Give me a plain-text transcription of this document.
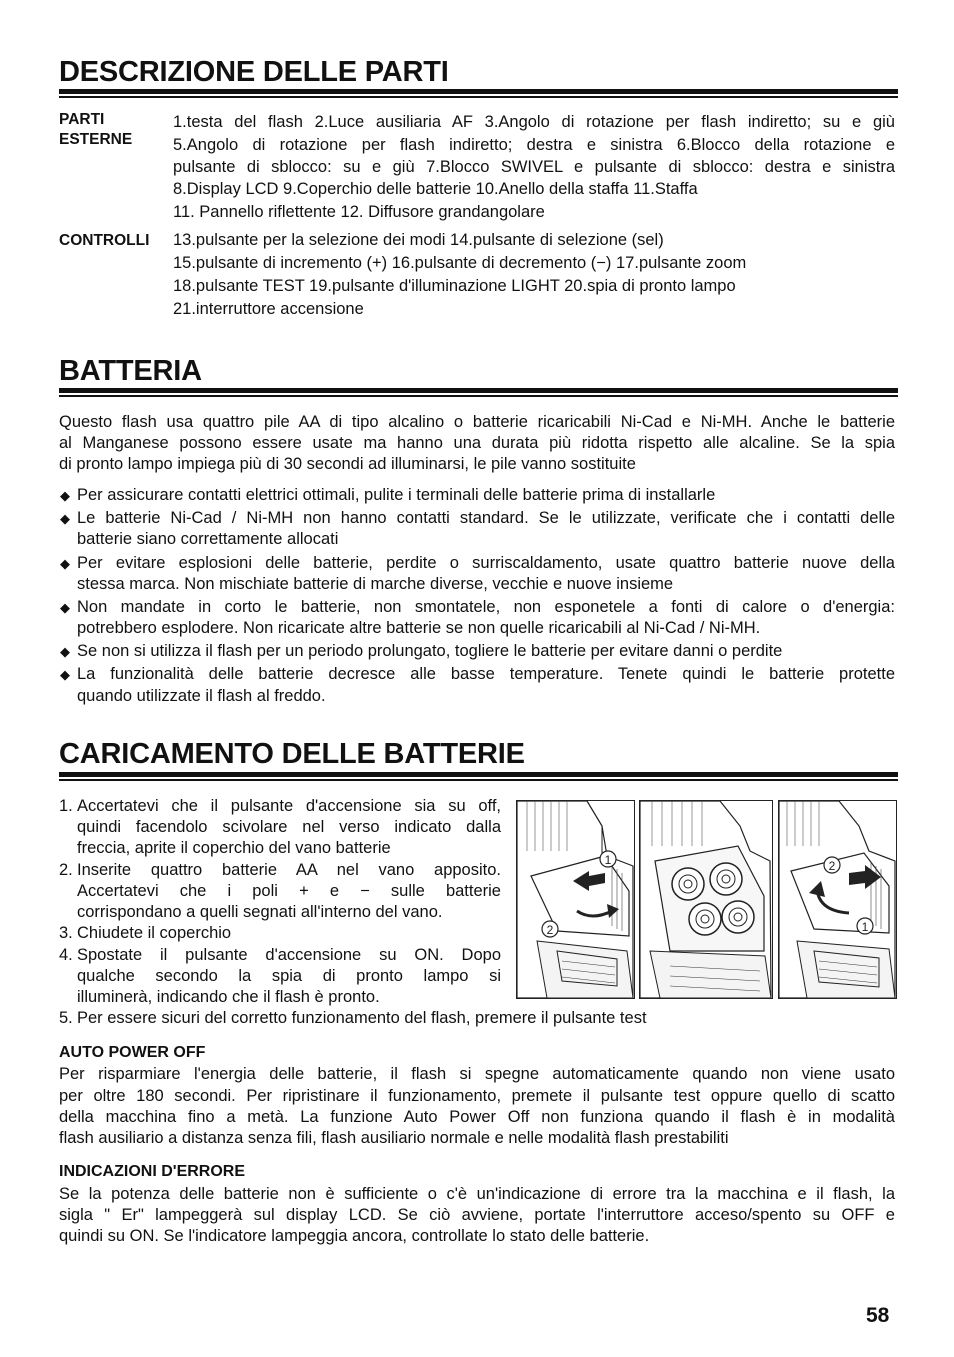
DESCRIZIONE DELLE PARTI
PARTI
ESTERNE
1.testa del flash 2.Luce ausiliaria AF 3.Angolo di rotazione per flash indiretto; su e giù
5.Angolo di rotazione per flash indiretto; destra e sinistra 6.Blocco della rotazione e
pulsante di sblocco: su e giù 7.Blocco SWIVEL e pulsante di sblocco: destra e sinistra
8.Display LCD 9.Coperchio delle batterie 10.Anello della staffa 11.Staffa
11. Pannello riflettente 12. Diffusore grandangolare
CONTROLLI 13.pulsante per la selezione dei modi 14.pulsante di selezione (sel)
15.pulsante di incremento (+) 16.pulsante di decremento (−) 17.pulsante zoom
18.pulsante TEST 19.pulsante d'illuminazione LIGHT 20.spia di pronto lampo
21.interruttore accensione
BATTERIA
Questo flash usa quattro pile AA di tipo alcalino o batterie ricaricabili Ni-Cad e Ni-MH. Anche le batterie
al Manganese possono essere usate ma hanno una durata più ridotta rispetto alle alcaline. Se la spia
di pronto lampo impiega più di 30 secondi ad illuminarsi, le pile vanno sostituite
◆ Per assicurare contatti elettrici ottimali, pulite i terminali delle batterie prima di installarle
◆ Le batterie Ni-Cad / Ni-MH non hanno contatti standard. Se le utilizzate, verificate che i contatti delle
batterie siano correttamente allocati
◆ Per evitare esplosioni delle batterie, perdite o surriscaldamento, usate quattro batterie nuove della
stessa marca. Non mischiate batterie di marche diverse, vecchie e nuove insieme
◆ Non mandate in corto le batterie, non smontatele, non esponetele a fonti di calore o d'energia:
potrebbero esplodere. Non ricaricate altre batterie se non quelle ricaricabili al Ni-Cad / Ni-MH.
◆ Se non si utilizza il flash per un periodo prolungato, togliere le batterie per evitare danni o perdite
◆ La funzionalità delle batterie decresce alle basse temperature. Tenete quindi le batterie protette
quando utilizzate il flash al freddo.
CARICAMENTO DELLE BATTERIE
1. Accertatevi che il pulsante d'accensione sia su off,
quindi facendolo scivolare nel verso indicato dalla
freccia, aprite il coperchio del vano batterie
2. Inserite quattro batterie AA nel vano apposito.
Accertatevi che i poli + e − sulle batterie
corrispondano a quelli segnati all'interno del vano.
3. Chiudete il coperchio
4. Spostate il pulsante d'accensione su ON. Dopo
qualche secondo la spia di pronto lampo si
illuminerà, indicando che il flash è pronto.
5. Per essere sicuri del corretto funzionamento del flash, premere il pulsante test
1
2
2
1
AUTO POWER OFF
Per risparmiare l'energia delle batterie, il flash si spegne automaticamente quando non viene usato
per oltre 180 secondi. Per ripristinare il funzionamento, premete il pulsante test oppure quello di scatto
della macchina fino a metà. La funzione Auto Power Off non funziona quando il flash è in modalità
flash ausiliario a distanza senza fili, flash ausiliario normale e nelle modalità flash prestabiliti
INDICAZIONI D'ERRORE
Se la potenza delle batterie non è sufficiente o c'è un'indicazione di errore tra la macchina e il flash, la
sigla " Er" lampeggerà sul display LCD. Se ciò avviene, portate l'interruttore acceso/spento su OFF e
quindi su ON. Se l'indicatore lampeggia ancora, controllate lo stato delle batterie.
58
